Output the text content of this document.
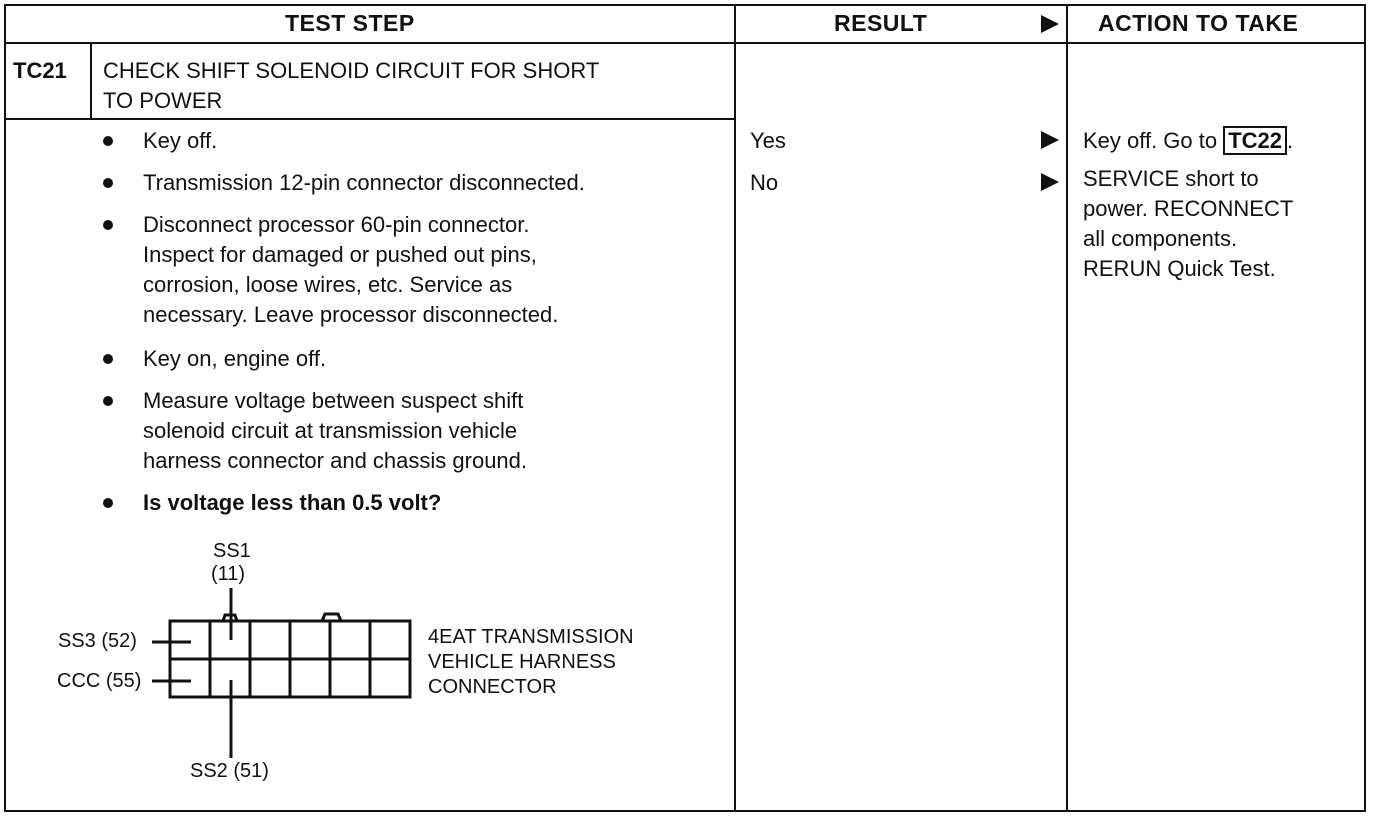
TEST STEP	RESULT	ACTION TO TAKE
TC21 CHECK SHIFT SOLENOID CIRCUIT FOR SHORT
TO POWER
Key off.
Transmission 12-pin connector disconnected.
Disconnect processor 60-pin connector.
Inspect for damaged or pushed out pins,
corrosion, loose wires, etc. Service as
necessary. Leave processor disconnected.
Key on, engine off.
Measure voltage between suspect shift
solenoid circuit at transmission vehicle
harness connector and chassis ground.
Is voltage less than 0.5 volt?
Yes
No
Key off. Go to TC22 .
SERVICE short to
power. RECONNECT
all components.
RERUN Quick Test.
SS1
(11)
SS3 (52)
CCC (55)
SS2 (51)
4EAT TRANSMISSION
VEHICLE HARNESS
CONNECTOR
